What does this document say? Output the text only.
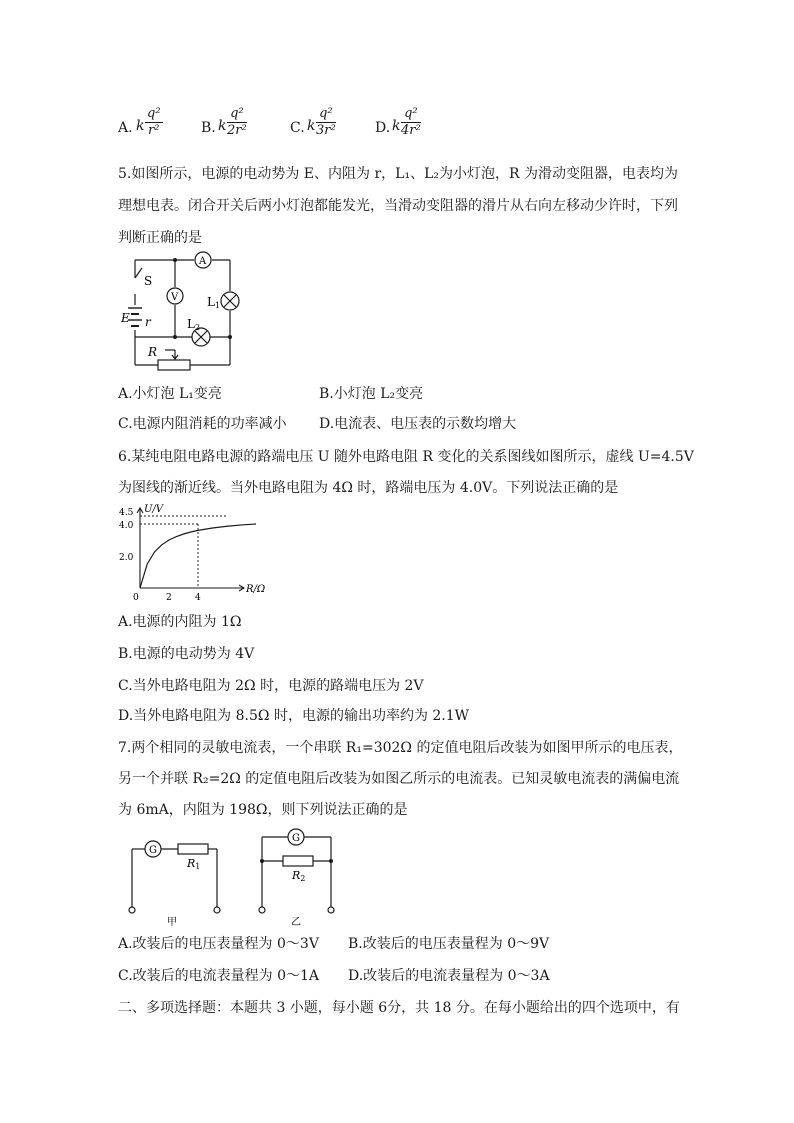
A. k $\frac{\text{q²}}{\text{r²}}$	B. k $\frac{\text{q²}}{\text{2r²}}$	C. k $\frac{\text{q²}}{\text{3r²}}$	D. k $\frac{\text{q²}}{\text{4r²}}$
5.如图所示，电源的电动势为 E、内阻为 r，L₁、L₂为小灯泡，R 为滑动变阻器，电表均为
理想电表。闭合开关后两小灯泡都能发光，当滑动变阻器的滑片从右向左移动少许时，下列
判断正确的是
S
E r
A
V L1
L2
R
A.小灯泡 L₁变亮	B.小灯泡 L₂变亮
C.电源内阻消耗的功率减小 D.电流表、电压表的示数均增大
6.某纯电阻电路电源的路端电压 U 随外电路电阻 R 变化的关系图线如图所示，虚线 U=4.5V
为图线的渐近线。当外电路电阻为 4Ω 时，路端电压为 4.0V。下列说法正确的是
R/Ω
U/V
2.0
4.0
4.5
0	2	4
A.电源的内阻为 1Ω
B.电源的电动势为 4V
C.当外电路电阻为 2Ω 时，电源的路端电压为 2V
D.当外电路电阻为 8.5Ω 时，电源的输出功率约为 2.1W
7.两个相同的灵敏电流表，一个串联 R₁=302Ω 的定值电阻后改装为如图甲所示的电压表，
另一个并联 R₂=2Ω 的定值电阻后改装为如图乙所示的电流表。已知灵敏电流表的满偏电流
为 6mA，内阻为 198Ω，则下列说法正确的是
G
R1
甲
G
R2
乙
A.改装后的电压表量程为 0～3V B.改装后的电压表量程为 0～9V
C.改装后的电流表量程为 0～1A D.改装后的电流表量程为 0～3A
二、多项选择题：本题共 3 小题，每小题 6分，共 18 分。在每小题给出的四个选项中，有
